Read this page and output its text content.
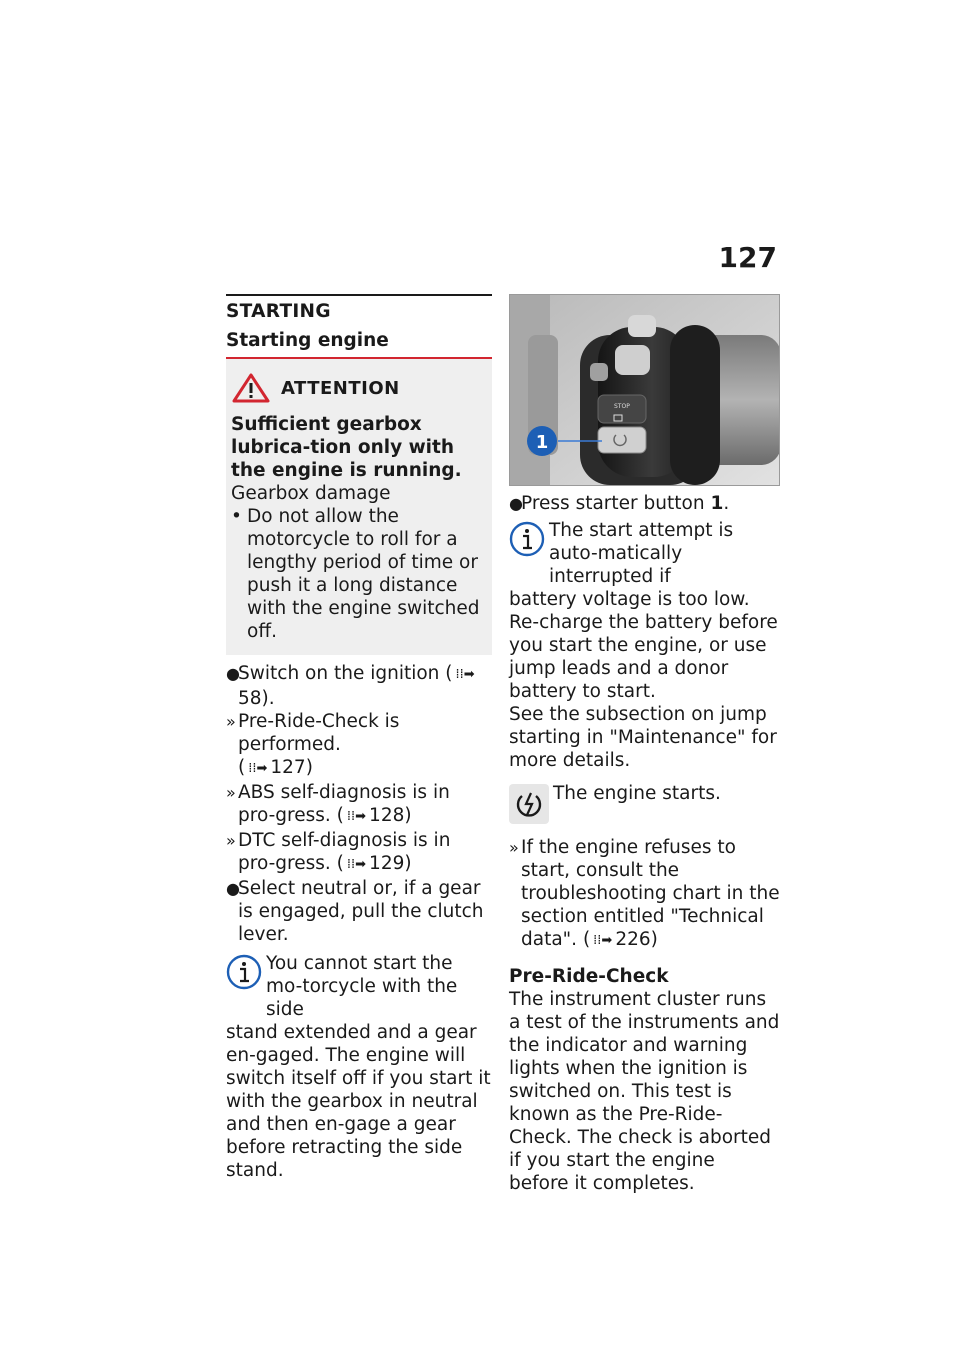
127
STARTING
Starting engine
ATTENTION
Sufficient gearbox lubrica-tion only with the engine is running.
Gearbox damage
• Do not allow the motorcycle to roll for a lengthy period of time or push it a long distance with the engine switched off.
●
Switch on the ignition ( ⁞⁞➡58).
» Pre-Ride-Check is performed.
( ⁞⁞➡ 127)
» ABS self-diagnosis is in pro-gress. ( ⁞⁞➡ 128)
» DTC self-diagnosis is in pro-gress. ( ⁞⁞➡ 129)
●
Select neutral or, if a gear is engaged, pull the clutch lever.
You cannot start the mo-torcycle with the side
stand extended and a gear en-gaged. The engine will switch itself off if you start it with the gearbox in neutral and then en-gage a gear before retracting the side stand.
STOP
1
●
Press starter button 1.
The start attempt is auto-matically interrupted if
battery voltage is too low. Re-charge the battery before you start the engine, or use jump leads and a donor battery to start.
See the subsection on jump starting in "Maintenance" for more details.
The engine starts.
» If the engine refuses to start, consult the troubleshooting chart in the section entitled "Technical data". ( ⁞⁞➡ 226)
Pre-Ride-Check
The instrument cluster runs a test of the instruments and the indicator and warning lights when the ignition is switched on. This test is known as the Pre-Ride-Check. The check is aborted if you start the engine before it completes.
